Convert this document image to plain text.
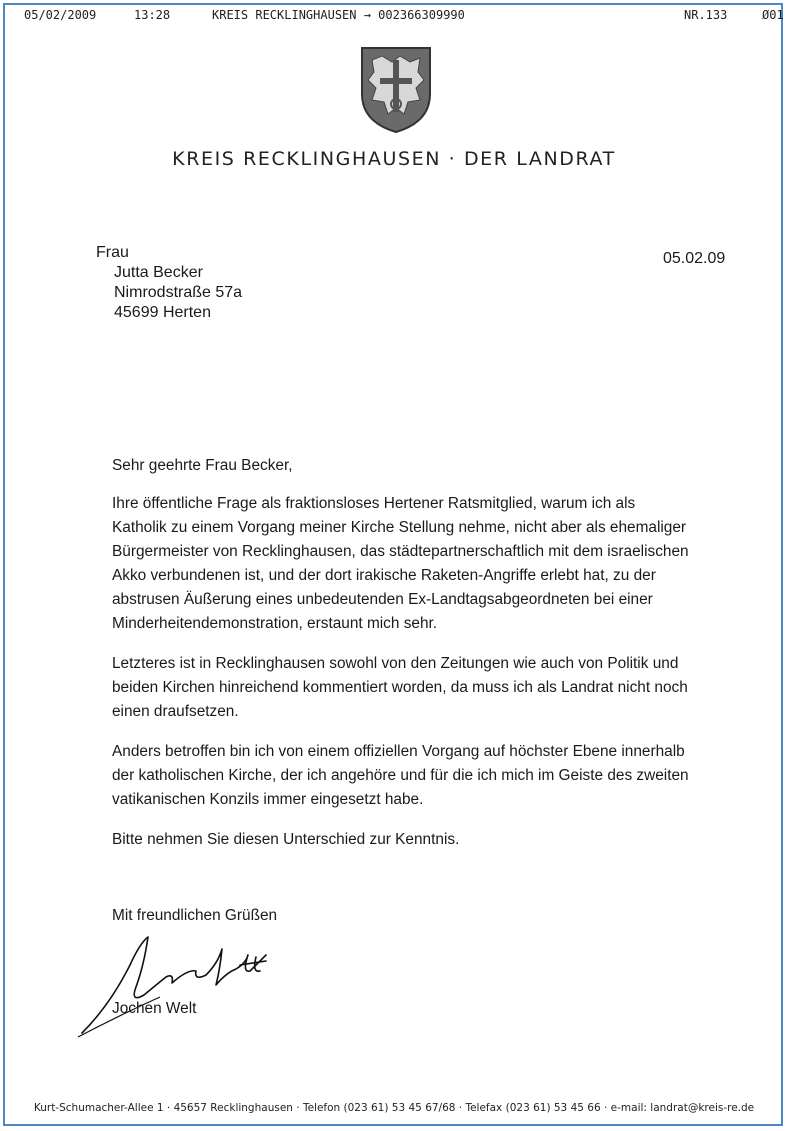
05/02/2009	13:28	KREIS RECKLINGHAUSEN → 002366309990	NR.133	Ø01
KREIS RECKLINGHAUSEN · DER LANDRAT
Frau
Jutta Becker
Nimrodstraße 57a
45699 Herten
05.02.09

Sehr geehrte Frau Becker,

Ihre öffentliche Frage als fraktionsloses Hertener Ratsmitglied, warum ich als
Katholik zu einem Vorgang meiner Kirche Stellung nehme, nicht aber als ehemaliger
Bürgermeister von Recklinghausen, das städtepartnerschaftlich mit dem israelischen
Akko verbundenen ist, und der dort irakische Raketen-Angriffe erlebt hat, zu der
abstrusen Äußerung eines unbedeutenden Ex-Landtagsabgeordneten bei einer
Minderheitendemonstration, erstaunt mich sehr.

Letzteres ist in Recklinghausen sowohl von den Zeitungen wie auch von Politik und
beiden Kirchen hinreichend kommentiert worden, da muss ich als Landrat nicht noch
einen draufsetzen.

Anders betroffen bin ich von einem offiziellen Vorgang auf höchster Ebene innerhalb
der katholischen Kirche, der ich angehöre und für die ich mich im Geiste des zweiten
vatikanischen Konzils immer eingesetzt habe.

Bitte nehmen Sie diesen Unterschied zur Kenntnis.

Mit freundlichen Grüßen
Jochen Welt
Kurt-Schumacher-Allee 1 · 45657 Recklinghausen · Telefon (023 61) 53 45 67/68 · Telefax (023 61) 53 45 66 · e-mail: landrat@kreis-re.de
